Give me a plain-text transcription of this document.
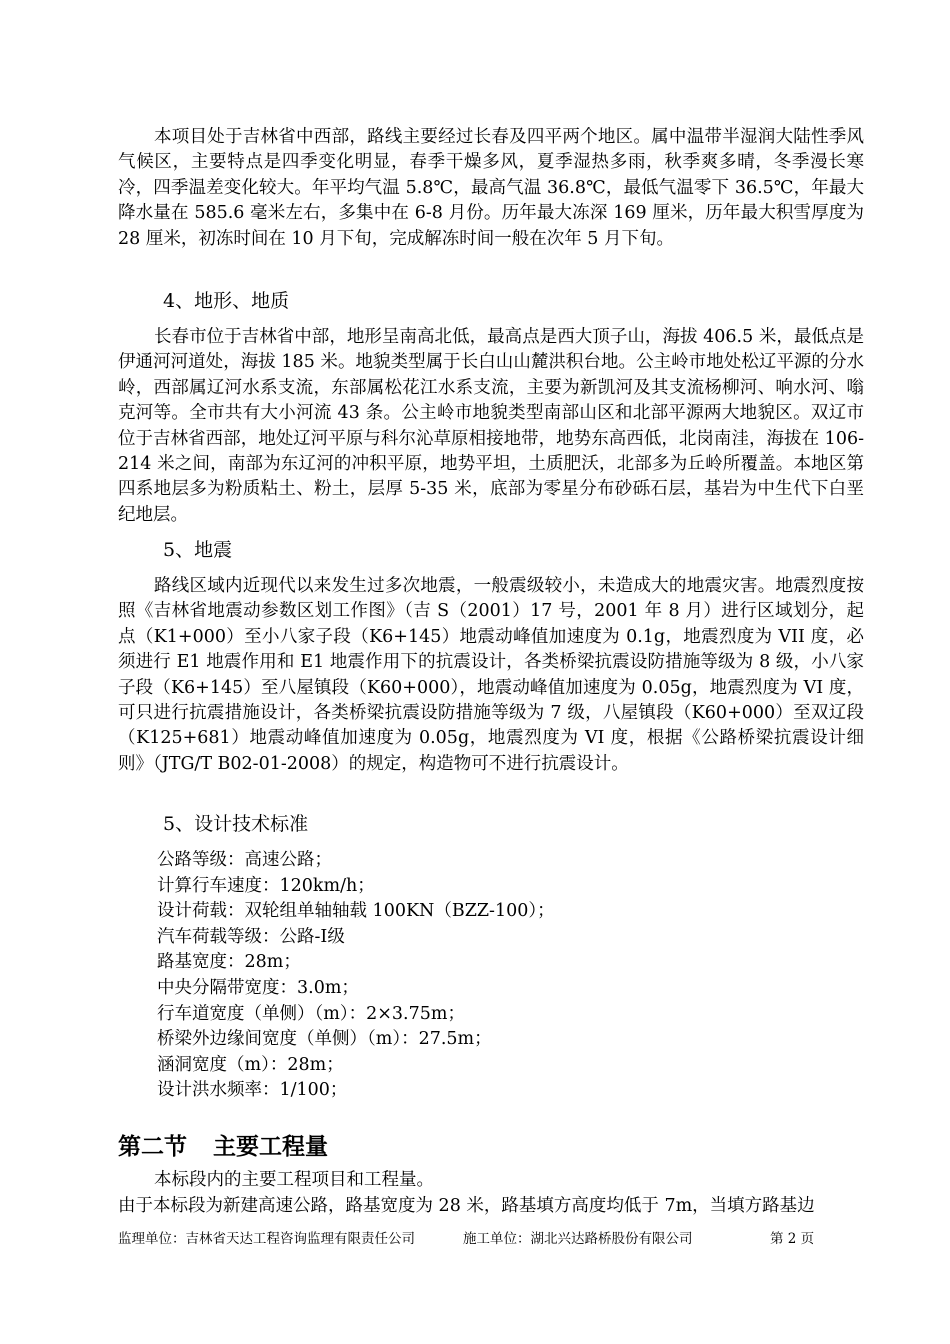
本项目处于吉林省中西部，路线主要经过长春及四平两个地区。属中温带半湿润大陆性季风气候区，主要特点是四季变化明显，春季干燥多风，夏季湿热多雨，秋季爽多晴，冬季漫长寒冷，四季温差变化较大。年平均气温 5.8℃，最高气温 36.8℃，最低气温零下 36.5℃，年最大降水量在 585.6 毫米左右，多集中在 6-8 月份。历年最大冻深 169 厘米，历年最大积雪厚度为 28 厘米，初冻时间在 10 月下旬，完成解冻时间一般在次年 5 月下旬。

4、地形、地质

长春市位于吉林省中部，地形呈南高北低，最高点是西大顶子山，海拔 406.5 米，最低点是伊通河河道处，海拔 185 米。地貌类型属于长白山山麓洪积台地。公主岭市地处松辽平源的分水岭，西部属辽河水系支流，东部属松花江水系支流，主要为新凯河及其支流杨柳河、响水河、嗡克河等。全市共有大小河流 43 条。公主岭市地貌类型南部山区和北部平源两大地貌区。双辽市位于吉林省西部，地处辽河平原与科尔沁草原相接地带，地势东高西低，北岗南洼，海拔在 106-214 米之间，南部为东辽河的冲积平原，地势平坦，土质肥沃，北部多为丘岭所覆盖。本地区第四系地层多为粉质粘土、粉土，层厚 5-35 米，底部为零星分布砂砾石层，基岩为中生代下白垩纪地层。

5、地震

路线区域内近现代以来发生过多次地震，一般震级较小，未造成大的地震灾害。地震烈度按照《吉林省地震动参数区划工作图》（吉 S（2001）17 号，2001 年 8 月）进行区域划分，起点（K1+000）至小八家子段（K6+145）地震动峰值加速度为 0.1g，地震烈度为 VII 度，必须进行 E1 地震作用和 E1 地震作用下的抗震设计，各类桥梁抗震设防措施等级为 8 级，小八家子段（K6+145）至八屋镇段（K60+000），地震动峰值加速度为 0.05g，地震烈度为 VI 度，可只进行抗震措施设计，各类桥梁抗震设防措施等级为 7 级，八屋镇段（K60+000）至双辽段（K125+681）地震动峰值加速度为 0.05g，地震烈度为 VI 度，根据《公路桥梁抗震设计细则》（JTG/T B02-01-2008）的规定，构造物可不进行抗震设计。

5、设计技术标准

公路等级：高速公路；
计算行车速度：120km/h；
设计荷载：双轮组单轴轴载 100KN（BZZ-100）；
汽车荷载等级：公路-Ⅰ级
路基宽度：28m；
中央分隔带宽度：3.0m；
行车道宽度（单侧）（m）：2×3.75m；
桥梁外边缘间宽度（单侧）（m）：27.5m；
涵洞宽度（m）：28m；
设计洪水频率：1/100；
第二节 主要工程量

本标段内的主要工程项目和工程量。

由于本标段为新建高速公路，路基宽度为 28 米，路基填方高度均低于 7m，当填方路基边

监理单位：吉林省天达工程咨询监理有限责任公司	施工单位：湖北兴达路桥股份有限公司	第 2 页
